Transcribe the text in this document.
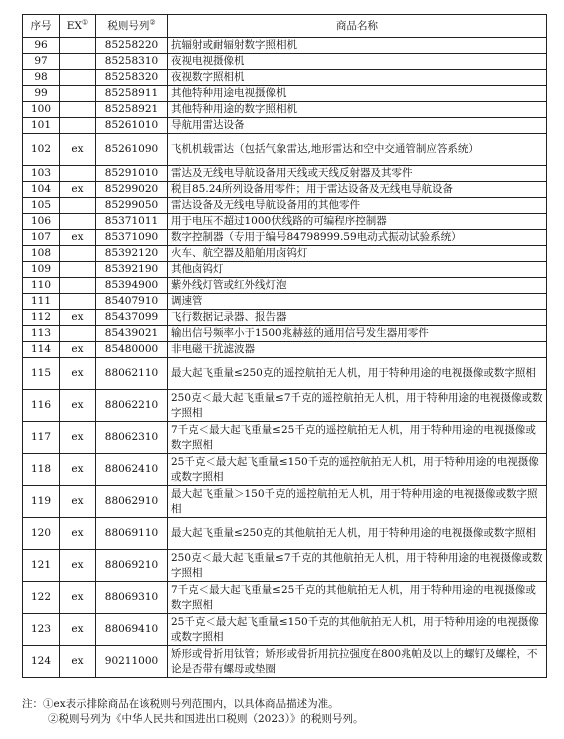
序号	EX①	税则号列②	商品名称
96		85258220	抗辐射或耐辐射数字照相机
97		85258310	夜视电视摄像机
98		85258320	夜视数字照相机
99		85258911	其他特种用途电视摄像机
100		85258921	其他特种用途的数字照相机
101		85261010	导航用雷达设备
102	ex	85261090	飞机机载雷达（包括气象雷达,地形雷达和空中交通管制应答系统）
103		85291010	雷达及无线电导航设备用天线或天线反射器及其零件
104	ex	85299020	税目85.24所列设备用零件；用于雷达设备及无线电导航设备
105		85299050	雷达设备及无线电导航设备用的其他零件
106		85371011	用于电压不超过1000伏线路的可编程序控制器
107	ex	85371090	数字控制器（专用于编号84798999.59电动式振动试验系统）
108		85392120	火车、航空器及船舶用卤钨灯
109		85392190	其他卤钨灯
110		85394900	紫外线灯管或红外线灯泡
111		85407910	调速管
112	ex	85437099	飞行数据记录器、报告器
113		85439021	输出信号频率小于1500兆赫兹的通用信号发生器用零件
114	ex	85480000	非电磁干扰滤波器
115	ex	88062110	最大起飞重量≤250克的遥控航拍无人机，用于特种用途的电视摄像或数字照相
116	ex	88062210	250克＜最大起飞重量≤7千克的遥控航拍无人机，用于特种用途的电视摄像或数字照相
117	ex	88062310	7千克＜最大起飞重量≤25千克的遥控航拍无人机，用于特种用途的电视摄像或数字照相
118	ex	88062410	25千克＜最大起飞重量≤150千克的遥控航拍无人机，用于特种用途的电视摄像或数字照相
119	ex	88062910	最大起飞重量＞150千克的遥控航拍无人机，用于特种用途的电视摄像或数字照相
120	ex	88069110	最大起飞重量≤250克的其他航拍无人机，用于特种用途的电视摄像或数字照相
121	ex	88069210	250克＜最大起飞重量≤7千克的其他航拍无人机，用于特种用途的电视摄像或数字照相
122	ex	88069310	7千克＜最大起飞重量≤25千克的其他航拍无人机，用于特种用途的电视摄像或数字照相
123	ex	88069410	25千克＜最大起飞重量≤150千克的其他航拍无人机，用于特种用途的电视摄像或数字照相
124	ex	90211000	矫形或骨折用钛管；矫形或骨折用抗拉强度在800兆帕及以上的螺钉及螺栓，不论是否带有螺母或垫圈
注：①ex表示排除商品在该税则号列范围内，以具体商品描述为准。
②税则号列为《中华人民共和国进出口税则（2023）》的税则号列。
